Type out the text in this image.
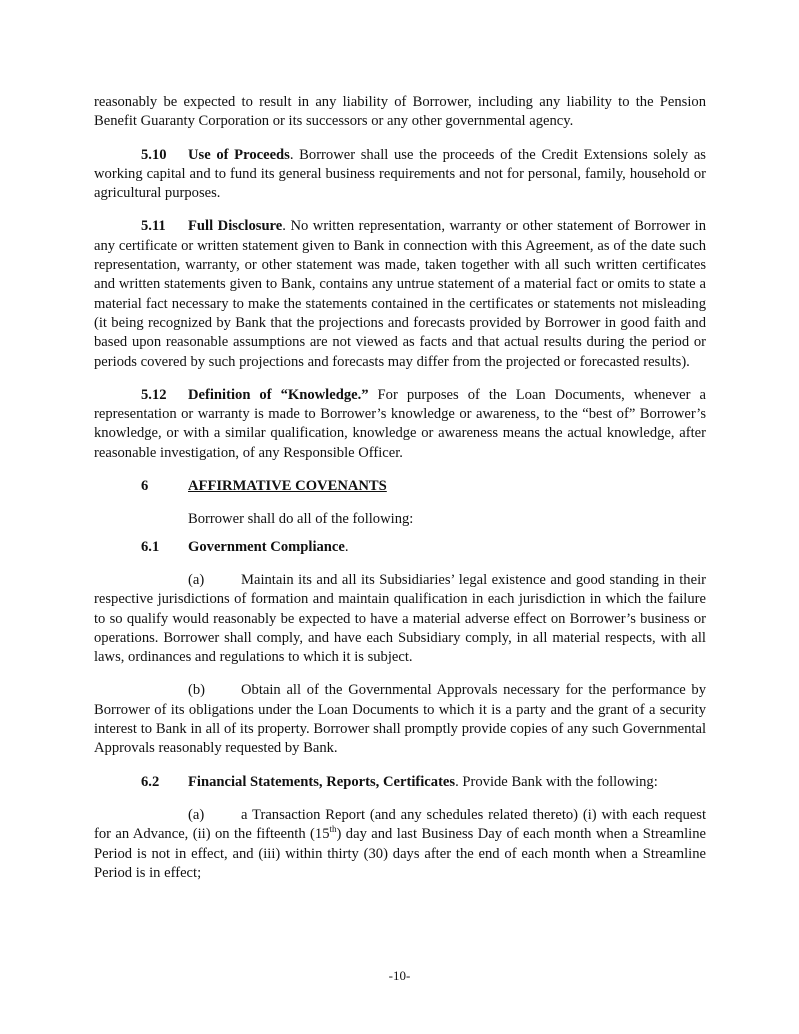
reasonably be expected to result in any liability of Borrower, including any liability to the Pension Benefit Guaranty Corporation or its successors or any other governmental agency.

5.10 Use of Proceeds. Borrower shall use the proceeds of the Credit Extensions solely as working capital and to fund its general business requirements and not for personal, family, household or agricultural purposes.

5.11 Full Disclosure. No written representation, warranty or other statement of Borrower in any certificate or written statement given to Bank in connection with this Agreement, as of the date such representation, warranty, or other statement was made, taken together with all such written certificates and written statements given to Bank, contains any untrue statement of a material fact or omits to state a material fact necessary to make the statements contained in the certificates or statements not misleading (it being recognized by Bank that the projections and forecasts provided by Borrower in good faith and based upon reasonable assumptions are not viewed as facts and that actual results during the period or periods covered by such projections and forecasts may differ from the projected or forecasted results).

5.12 Definition of “Knowledge.” For purposes of the Loan Documents, whenever a representation or warranty is made to Borrower’s knowledge or awareness, to the “best of” Borrower’s knowledge, or with a similar qualification, knowledge or awareness means the actual knowledge, after reasonable investigation, of any Responsible Officer.

6	AFFIRMATIVE COVENANTS

Borrower shall do all of the following:

6.1 Government Compliance.

(a)	Maintain its and all its Subsidiaries’ legal existence and good standing in their respective jurisdictions of formation and maintain qualification in each jurisdiction in which the failure to so qualify would reasonably be expected to have a material adverse effect on Borrower’s business or operations. Borrower shall comply, and have each Subsidiary comply, in all material respects, with all laws, ordinances and regulations to which it is subject.

(b) Obtain all of the Governmental Approvals necessary for the performance by Borrower of its obligations under the Loan Documents to which it is a party and the grant of a security interest to Bank in all of its property. Borrower shall promptly provide copies of any such Governmental Approvals reasonably requested by Bank.

6.2 Financial Statements, Reports, Certificates. Provide Bank with the following:

(a)	a Transaction Report (and any schedules related thereto) (i) with each request for an Advance, (ii) on the fifteenth (15th) day and last Business Day of each month when a Streamline Period is not in effect, and (iii) within thirty (30) days after the end of each month when a Streamline Period is in effect;

-10-
